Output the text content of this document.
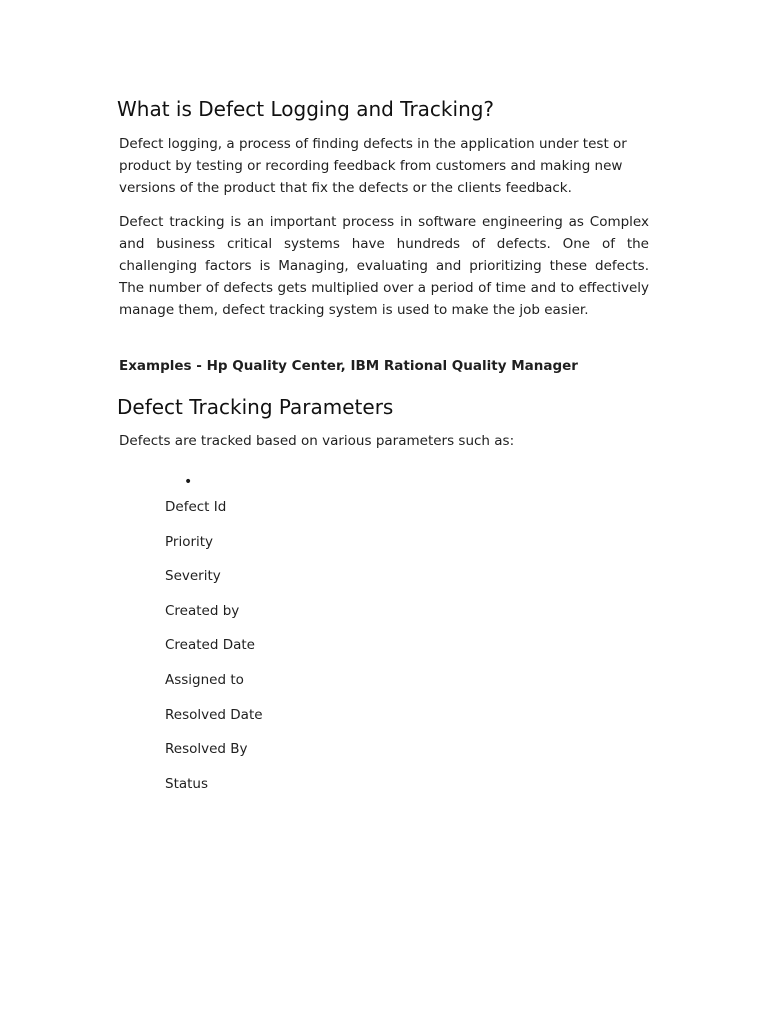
What is Defect Logging and Tracking?

Defect logging, a process of finding defects in the application under test or product by testing or recording feedback from customers and making new versions of the product that fix the defects or the clients feedback.

Defect tracking is an important process in software engineering as Complex and business critical systems have hundreds of defects. One of the challenging factors is Managing, evaluating and prioritizing these defects. The number of defects gets multiplied over a period of time and to effectively manage them, defect tracking system is used to make the job easier.

Examples - Hp Quality Center, IBM Rational Quality Manager

Defect Tracking Parameters

Defects are tracked based on various parameters such as:

•
Defect Id
Priority
Severity
Created by
Created Date
Assigned to
Resolved Date
Resolved By
Status
